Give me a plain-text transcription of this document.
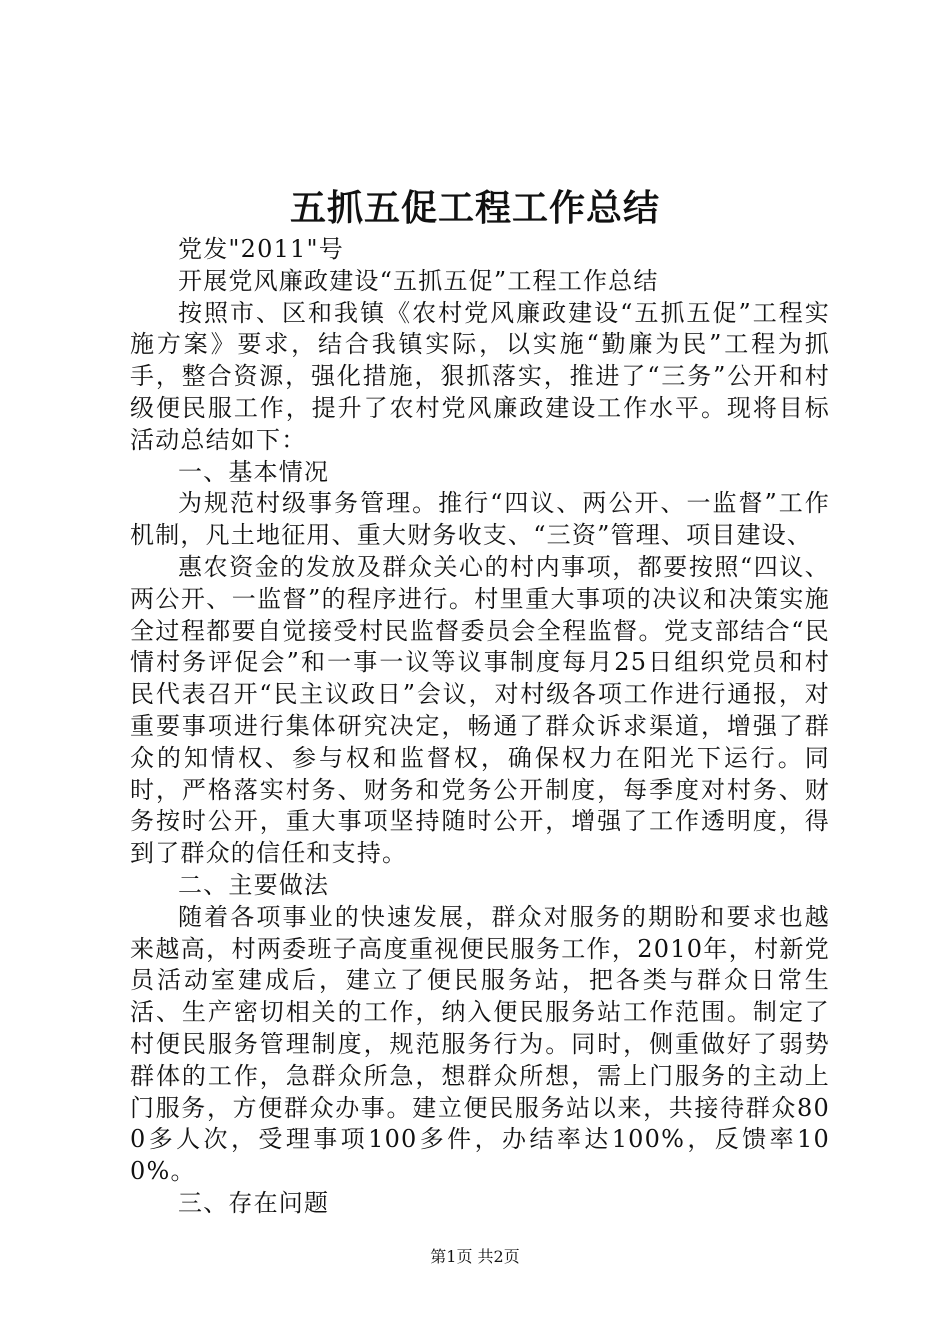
五抓五促工程工作总结

党发"2011"号

开展党风廉政建设“五抓五促”工程工作总结

按照市、区和我镇《农村党风廉政建设“五抓五促”工程实施方案》要求，结合我镇实际，以实施“勤廉为民”工程为抓手，整合资源，强化措施，狠抓落实，推进了“三务”公开和村级便民服工作，提升了农村党风廉政建设工作水平。现将目标活动总结如下：

一、基本情况

为规范村级事务管理。推行“四议、两公开、一监督”工作机制，凡土地征用、重大财务收支、“三资”管理、项目建设、

惠农资金的发放及群众关心的村内事项，都要按照“四议、两公开、一监督”的程序进行。村里重大事项的决议和决策实施全过程都要自觉接受村民监督委员会全程监督。党支部结合“民情村务评促会”和一事一议等议事制度每月25日组织党员和村民代表召开“民主议政日”会议，对村级各项工作进行通报，对重要事项进行集体研究决定，畅通了群众诉求渠道，增强了群众的知情权、参与权和监督权，确保权力在阳光下运行。同时，严格落实村务、财务和党务公开制度，每季度对村务、财务按时公开，重大事项坚持随时公开，增强了工作透明度，得到了群众的信任和支持。

二、主要做法

随着各项事业的快速发展，群众对服务的期盼和要求也越来越高，村两委班子高度重视便民服务工作，2010年，村新党员活动室建成后，建立了便民服务站，把各类与群众日常生活、生产密切相关的工作，纳入便民服务站工作范围。制定了村便民服务管理制度，规范服务行为。同时，侧重做好了弱势群体的工作，急群众所急，想群众所想，需上门服务的主动上门服务，方便群众办事。建立便民服务站以来，共接待群众800多人次，受理事项100多件，办结率达100%，反馈率100%。

三、存在问题

第1页 共2页
